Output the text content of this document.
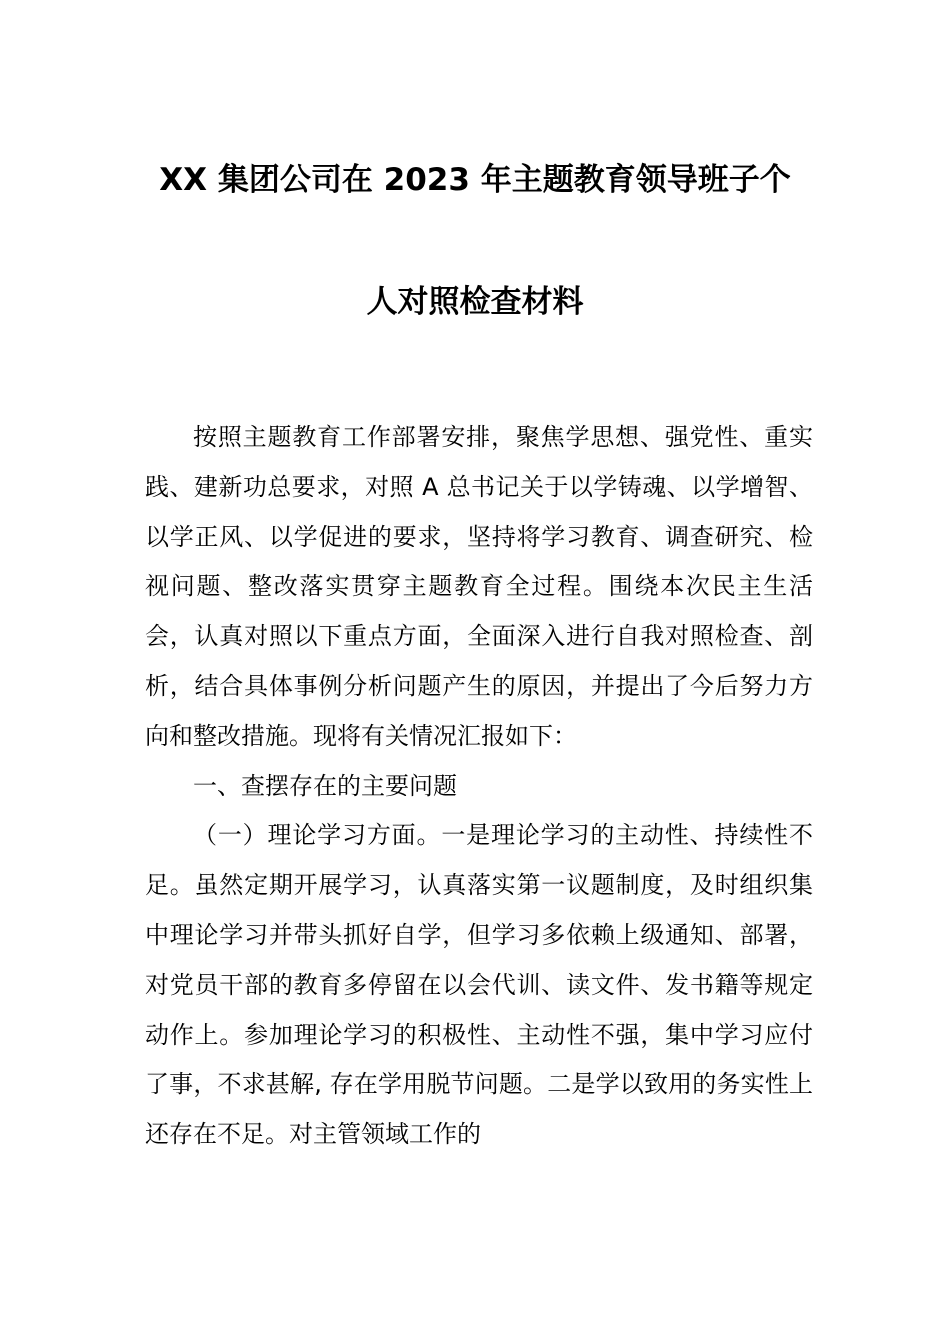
XX 集团公司在 2023 年主题教育领导班子个
人对照检查材料

按照主题教育工作部署安排，聚焦学思想、强党性、重实践、建新功总要求，对照 A 总书记关于以学铸魂、以学增智、以学正风、以学促进的要求，坚持将学习教育、调查研究、检视问题、整改落实贯穿主题教育全过程。围绕本次民主生活会，认真对照以下重点方面，全面深入进行自我对照检查、剖析，结合具体事例分析问题产生的原因，并提出了今后努力方向和整改措施。现将有关情况汇报如下：

一、查摆存在的主要问题

（一）理论学习方面。一是理论学习的主动性、持续性不足。虽然定期开展学习，认真落实第一议题制度，及时组织集中理论学习并带头抓好自学，但学习多依赖上级通知、部署，对党员干部的教育多停留在以会代训、读文件、发书籍等规定动作上。参加理论学习的积极性、主动性不强，集中学习应付了事，不求甚解, 存在学用脱节问题。二是学以致用的务实性上还存在不足。对主管领域工作的
